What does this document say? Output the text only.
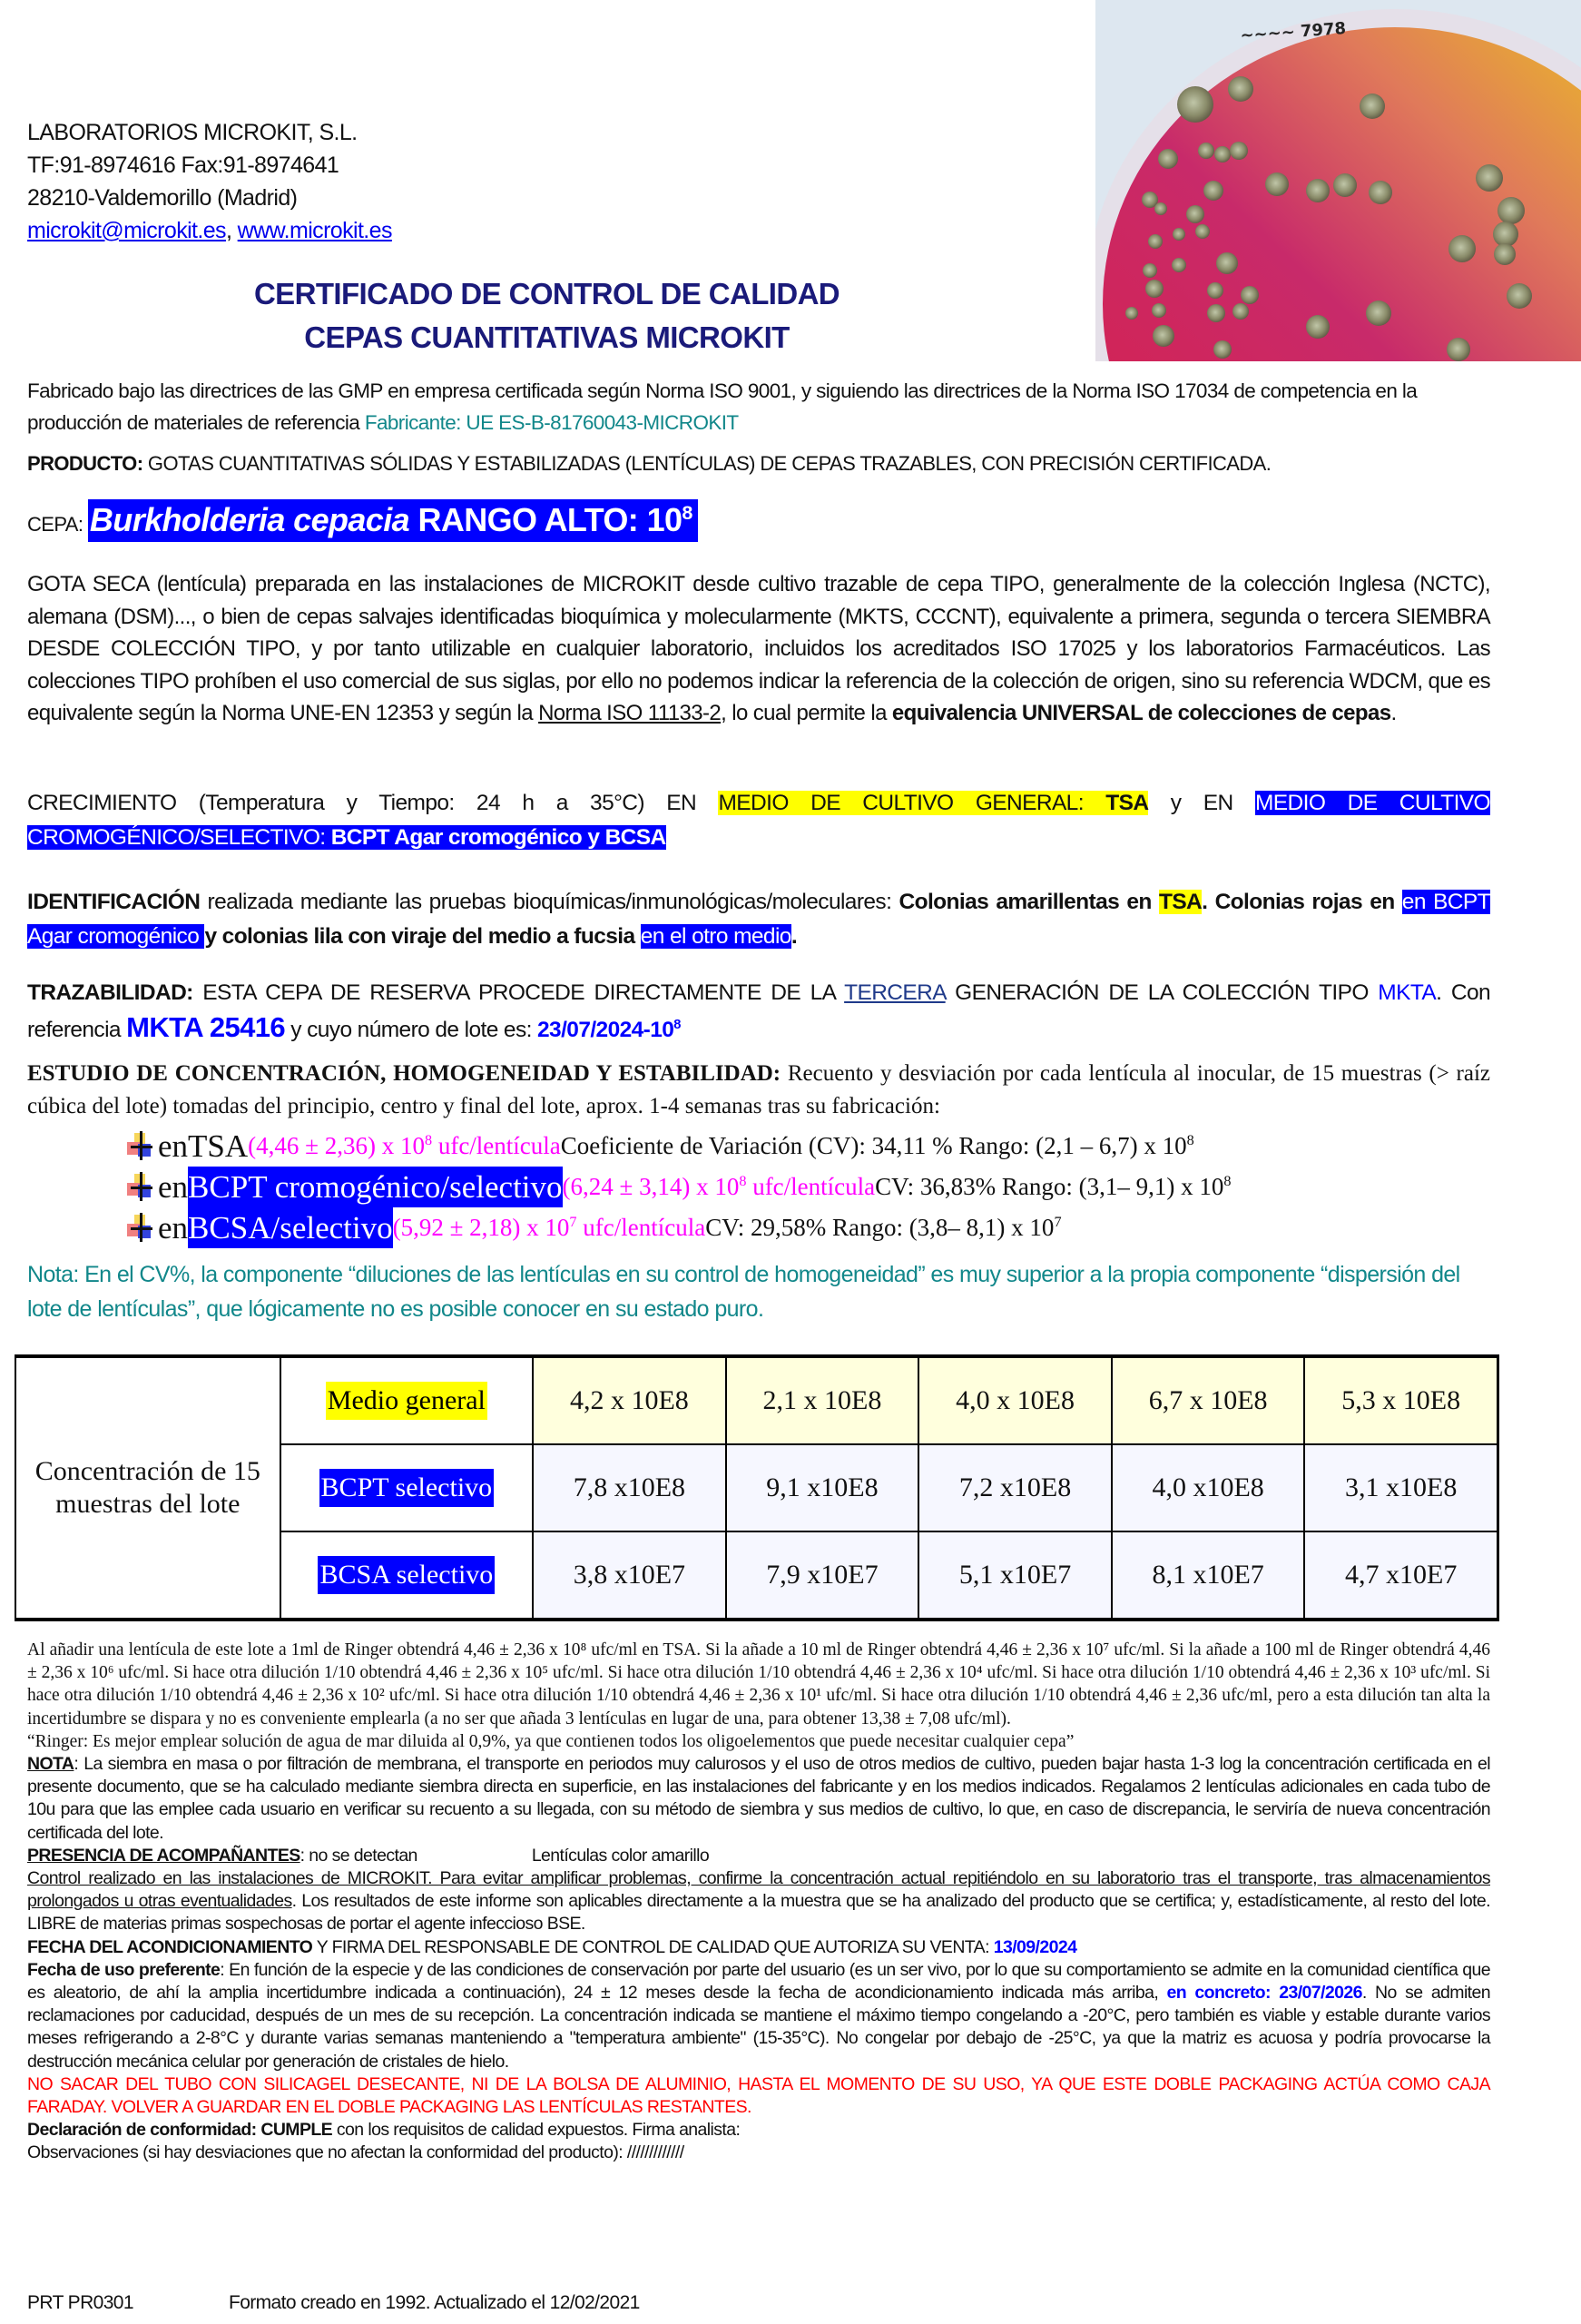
LABORATORIOS MICROKIT, S.L.
TF:91-8974616 Fax:91-8974641
28210-Valdemorillo (Madrid)
microkit@microkit.es, www.microkit.es
~~~~ 7978
CERTIFICADO DE CONTROL DE CALIDAD
CEPAS CUANTITATIVAS MICROKIT
Fabricado bajo las directrices de las GMP en empresa certificada según Norma ISO 9001, y siguiendo las directrices de la Norma ISO 17034 de competencia en la producción de materiales de referencia Fabricante: UE ES-B-81760043-MICROKIT
PRODUCTO: GOTAS CUANTITATIVAS SÓLIDAS Y ESTABILIZADAS (LENTÍCULAS) DE CEPAS TRAZABLES, CON PRECISIÓN CERTIFICADA.
CEPA: Burkholderia cepacia RANGO ALTO: $10^8$
GOTA SECA (lentícula) preparada en las instalaciones de MICROKIT desde cultivo trazable de cepa TIPO, generalmente de la colección Inglesa (NCTC), alemana (DSM)..., o bien de cepas salvajes identificadas bioquímica y molecularmente (MKTS, CCCNT), equivalente a primera, segunda o tercera SIEMBRA DESDE COLECCIÓN TIPO, y por tanto utilizable en cualquier laboratorio, incluidos los acreditados ISO 17025 y los laboratorios Farmacéuticos. Las colecciones TIPO prohíben el uso comercial de sus siglas, por ello no podemos indicar la referencia de la colección de origen, sino su referencia WDCM, que es equivalente según la Norma UNE-EN 12353 y según la Norma ISO 11133-2, lo cual permite la equivalencia UNIVERSAL de colecciones de cepas.
CRECIMIENTO (Temperatura y Tiempo: 24 h a 35°C) EN MEDIO DE CULTIVO GENERAL: TSA y EN MEDIO DE CULTIVO CROMOGÉNICO/SELECTIVO: BCPT Agar cromogénico y BCSA
IDENTIFICACIÓN realizada mediante las pruebas bioquímicas/inmunológicas/moleculares: Colonias amarillentas en TSA. Colonias rojas en en BCPT Agar cromogénico y colonias lila con viraje del medio a fucsia en el otro medio.
TRAZABILIDAD: ESTA CEPA DE RESERVA PROCEDE DIRECTAMENTE DE LA TERCERA GENERACIÓN DE LA COLECCIÓN TIPO MKTA. Con referencia MKTA 25416 y cuyo número de lote es: $23/07/2024-10^8$
ESTUDIO DE CONCENTRACIÓN, HOMOGENEIDAD Y ESTABILIDAD: Recuento y desviación por cada lentícula al inocular, de 15 muestras (> raíz cúbica del lote) tomadas del principio, centro y final del lote, aprox. 1-4 semanas tras su fabricación:
en TSA (4,46 ± 2,36) x $10^8$ ufc/lentícula Coeficiente de Variación (CV): 34,11 % Rango: (2,1 – 6,7) x $10^8$
en BCPT cromogénico/selectivo (6,24 ± 3,14) x $10^8$ ufc/lentícula CV: 36,83% Rango: (3,1– 9,1) x $10^8$
en BCSA/selectivo (5,92 ± 2,18) x $10^7$ ufc/lentícula CV: 29,58% Rango: (3,8– 8,1) x $10^7$
Nota: En el CV%, la componente “diluciones de las lentículas en su control de homogeneidad” es muy superior a la propia componente “dispersión del lote de lentículas”, que lógicamente no es posible conocer en su estado puro.
Concentración de 15 muestras del lote	Medio general	4,2 x 10E8	2,1 x 10E8	4,0 x 10E8	6,7 x 10E8	5,3 x 10E8
	BCPT selectivo	7,8 x10E8	9,1 x10E8	7,2 x10E8	4,0 x10E8	3,1 x10E8
	BCSA selectivo	3,8 x10E7	7,9 x10E7	5,1 x10E7	8,1 x10E7	4,7 x10E7

Al añadir una lentícula de este lote a 1ml de Ringer obtendrá 4,46 ± 2,36 x 10⁸ ufc/ml en TSA. Si la añade a 10 ml de Ringer obtendrá 4,46 ± 2,36 x 10⁷ ufc/ml. Si la añade a 100 ml de Ringer obtendrá 4,46 ± 2,36 x 10⁶ ufc/ml. Si hace otra dilución 1/10 obtendrá 4,46 ± 2,36 x 10⁵ ufc/ml. Si hace otra dilución 1/10 obtendrá 4,46 ± 2,36 x 10⁴ ufc/ml. Si hace otra dilución 1/10 obtendrá 4,46 ± 2,36 x 10³ ufc/ml. Si hace otra dilución 1/10 obtendrá 4,46 ± 2,36 x 10² ufc/ml. Si hace otra dilución 1/10 obtendrá 4,46 ± 2,36 x 10¹ ufc/ml. Si hace otra dilución 1/10 obtendrá 4,46 ± 2,36 ufc/ml, pero a esta dilución tan alta la incertidumbre se dispara y no es conveniente emplearla (a no ser que añada 3 lentículas en lugar de una, para obtener 13,38 ± 7,08 ufc/ml).

“Ringer: Es mejor emplear solución de agua de mar diluida al 0,9%, ya que contienen todos los oligoelementos que puede necesitar cualquier cepa”

NOTA: La siembra en masa o por filtración de membrana, el transporte en periodos muy calurosos y el uso de otros medios de cultivo, pueden bajar hasta 1-3 log la concentración certificada en el presente documento, que se ha calculado mediante siembra directa en superficie, en las instalaciones del fabricante y en los medios indicados. Regalamos 2 lentículas adicionales en cada tubo de 10u para que las emplee cada usuario en verificar su recuento a su llegada, con su método de siembra y sus medios de cultivo, lo que, en caso de discrepancia, le serviría de nueva concentración certificada del lote.

PRESENCIA DE ACOMPAÑANTES: no se detectan	Lentículas color amarillo

Control realizado en las instalaciones de MICROKIT. Para evitar amplificar problemas, confirme la concentración actual repitiéndolo en su laboratorio tras el transporte, tras almacenamientos prolongados u otras eventualidades. Los resultados de este informe son aplicables directamente a la muestra que se ha analizado del producto que se certifica; y, estadísticamente, al resto del lote. LIBRE de materias primas sospechosas de portar el agente infeccioso BSE.

FECHA DEL ACONDICIONAMIENTO Y FIRMA DEL RESPONSABLE DE CONTROL DE CALIDAD QUE AUTORIZA SU VENTA: 13/09/2024

Fecha de uso preferente: En función de la especie y de las condiciones de conservación por parte del usuario (es un ser vivo, por lo que su comportamiento se admite en la comunidad científica que es aleatorio, de ahí la amplia incertidumbre indicada a continuación), 24 ± 12 meses desde la fecha de acondicionamiento indicada más arriba, en concreto: 23/07/2026. No se admiten reclamaciones por caducidad, después de un mes de su recepción. La concentración indicada se mantiene el máximo tiempo congelando a -20°C, pero también es viable y estable durante varios meses refrigerando a 2-8°C y durante varias semanas manteniendo a "temperatura ambiente" (15-35°C). No congelar por debajo de -25°C, ya que la matriz es acuosa y podría provocarse la destrucción mecánica celular por generación de cristales de hielo.

NO SACAR DEL TUBO CON SILICAGEL DESECANTE, NI DE LA BOLSA DE ALUMINIO, HASTA EL MOMENTO DE SU USO, YA QUE ESTE DOBLE PACKAGING ACTÚA COMO CAJA FARADAY. VOLVER A GUARDAR EN EL DOBLE PACKAGING LAS LENTÍCULAS RESTANTES.

Declaración de conformidad: CUMPLE con los requisitos de calidad expuestos. Firma analista:

Observaciones (si hay desviaciones que no afectan la conformidad del producto): /////////////

PRT PR0301	Formato creado en 1992. Actualizado el 12/02/2021
